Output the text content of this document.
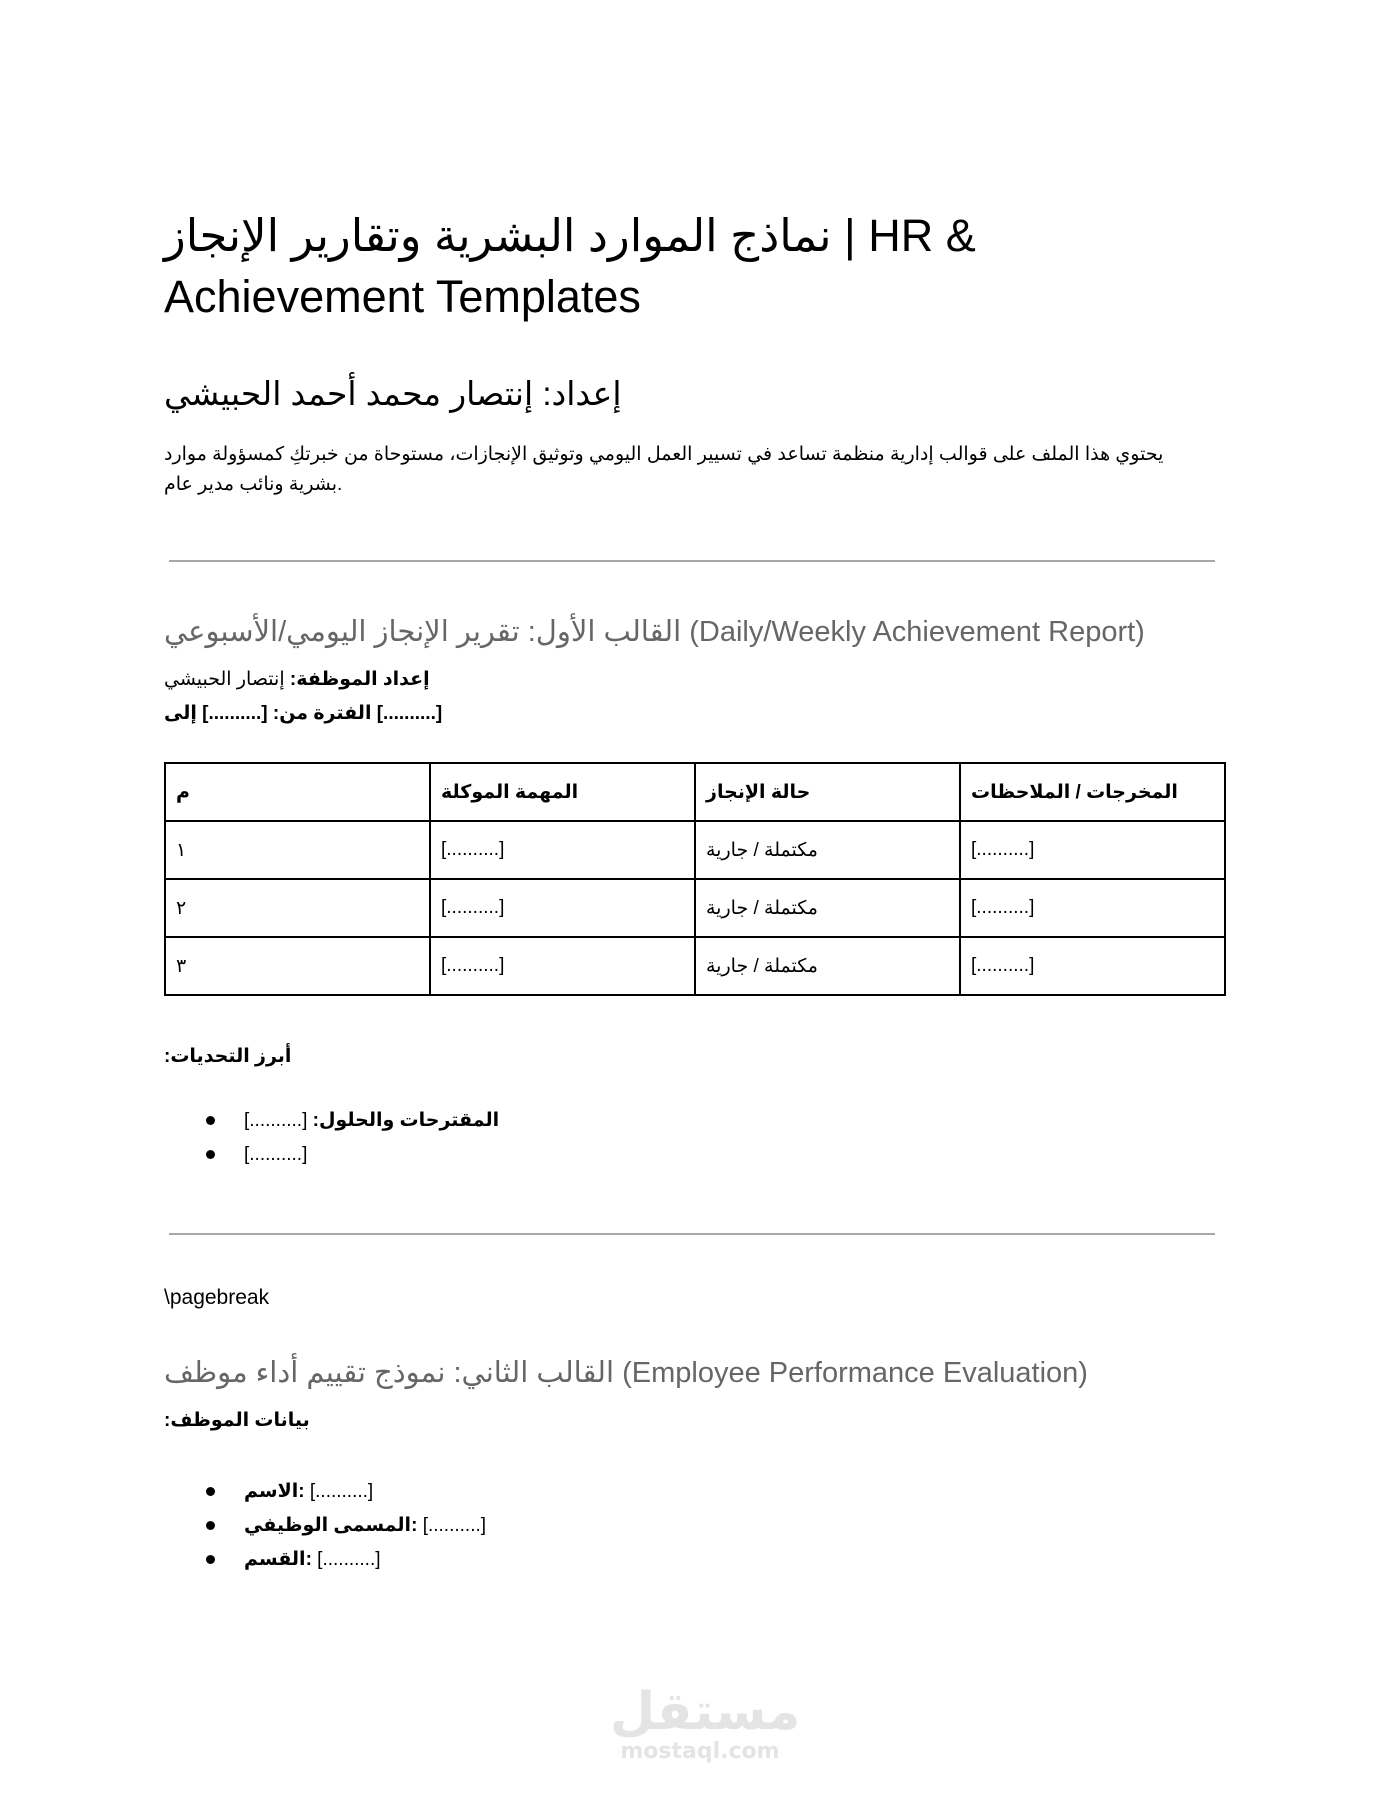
نماذج الموارد البشرية وتقارير الإنجاز | HR & Achievement Templates
إعداد: إنتصار محمد أحمد الحبيشي
يحتوي هذا الملف على قوالب إدارية منظمة تساعد في تسيير العمل اليومي وتوثيق الإنجازات، مستوحاة من خبرتكِ كمسؤولة موارد بشرية ونائب مدير عام.
القالب الأول: تقرير الإنجاز اليومي/الأسبوعي (Daily/Weekly Achievement Report)
إعداد الموظفة: إنتصار الحبيشي
الفترة من: [..........] إلى [..........]
م	المهمة الموكلة	حالة الإنجاز	المخرجات / الملاحظات
١	[..........]	مكتملة / جارية	[..........]
٢	[..........]	مكتملة / جارية	[..........]
٣	[..........]	مكتملة / جارية	[..........]
:أبرز التحديات
[..........] :المقترحات والحلول
[..........]
\pagebreak
القالب الثاني: نموذج تقييم أداء موظف (Employee Performance Evaluation)
:بيانات الموظف
الاسم: [..........]
المسمى الوظيفي: [..........]
القسم: [..........]
مستقل
mostaql.com
